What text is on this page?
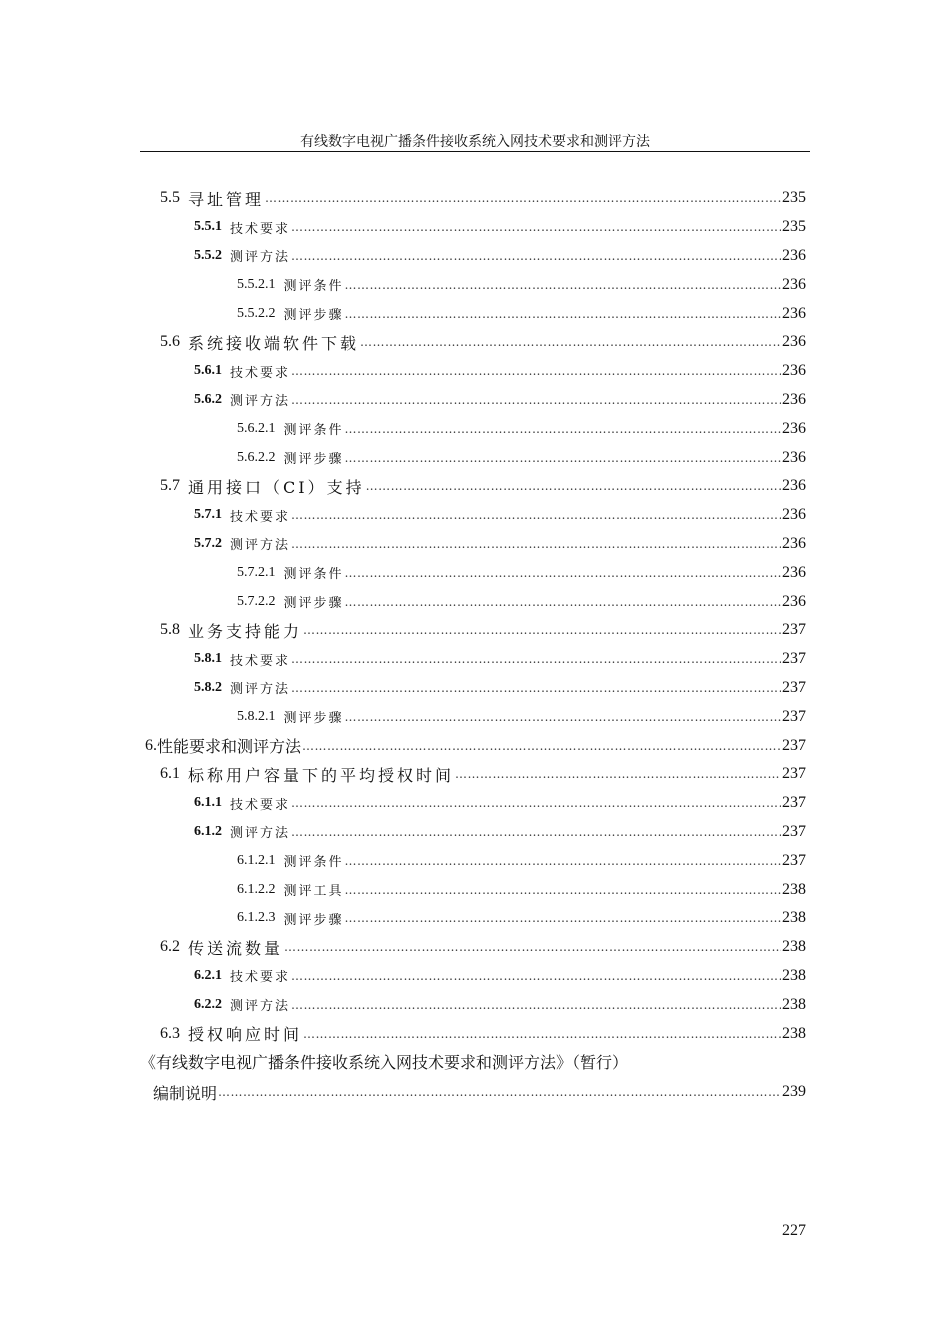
有线数字电视广播条件接收系统入网技术要求和测评方法
5.5 寻址管理 …………………………………………………………………………………………………………………………………………………………………………………………	235
5.5.1 技术要求 …………………………………………………………………………………………………………………………………………………………………………………………	235
5.5.2 测评方法 …………………………………………………………………………………………………………………………………………………………………………………………	236
5.5.2.1 测评条件 …………………………………………………………………………………………………………………………………………………………………………………………	236
5.5.2.2 测评步骤 …………………………………………………………………………………………………………………………………………………………………………………………	236
5.6 系统接收端软件下载 …………………………………………………………………………………………………………………………………………………………………………………………	236
5.6.1 技术要求 …………………………………………………………………………………………………………………………………………………………………………………………	236
5.6.2 测评方法 …………………………………………………………………………………………………………………………………………………………………………………………	236
5.6.2.1 测评条件 …………………………………………………………………………………………………………………………………………………………………………………………	236
5.6.2.2 测评步骤 …………………………………………………………………………………………………………………………………………………………………………………………	236
5.7 通用接口（CI）支持 …………………………………………………………………………………………………………………………………………………………………………………………	236
5.7.1 技术要求 …………………………………………………………………………………………………………………………………………………………………………………………	236
5.7.2 测评方法 …………………………………………………………………………………………………………………………………………………………………………………………	236
5.7.2.1 测评条件 …………………………………………………………………………………………………………………………………………………………………………………………	236
5.7.2.2 测评步骤 …………………………………………………………………………………………………………………………………………………………………………………………	236
5.8 业务支持能力 …………………………………………………………………………………………………………………………………………………………………………………………	237
5.8.1 技术要求 …………………………………………………………………………………………………………………………………………………………………………………………	237
5.8.2 测评方法 …………………………………………………………………………………………………………………………………………………………………………………………	237
5.8.2.1 测评步骤 …………………………………………………………………………………………………………………………………………………………………………………………	237
6. 性能要求和测评方法 …………………………………………………………………………………………………………………………………………………………………………………………	237
6.1 标称用户容量下的平均授权时间 …………………………………………………………………………………………………………………………………………………………………………………………	237
6.1.1 技术要求 …………………………………………………………………………………………………………………………………………………………………………………………	237
6.1.2 测评方法 …………………………………………………………………………………………………………………………………………………………………………………………	237
6.1.2.1 测评条件 …………………………………………………………………………………………………………………………………………………………………………………………	237
6.1.2.2 测评工具 …………………………………………………………………………………………………………………………………………………………………………………………	238
6.1.2.3 测评步骤 …………………………………………………………………………………………………………………………………………………………………………………………	238
6.2 传送流数量 …………………………………………………………………………………………………………………………………………………………………………………………	238
6.2.1 技术要求 …………………………………………………………………………………………………………………………………………………………………………………………	238
6.2.2 测评方法 …………………………………………………………………………………………………………………………………………………………………………………………	238
6.3 授权响应时间 …………………………………………………………………………………………………………………………………………………………………………………………	238
《有线数字电视广播条件接收系统入网技术要求和测评方法》（暂行）
编制说明 …………………………………………………………………………………………………………………………………………………………………………………………	239
227
